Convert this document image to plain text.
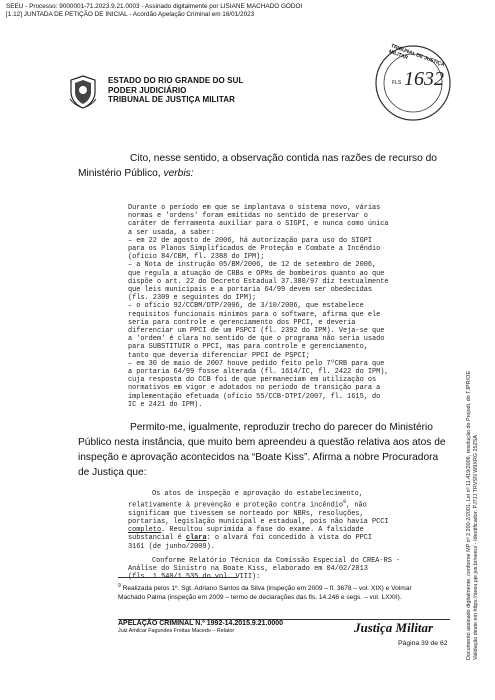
SEEU - Processo: 9000001-71.2023.9.21.0003 - Assinado digitalmente por LISIANE MACHADO GODOI
[1.12] JUNTADA DE PETIÇÃO DE INICIAL - Acórdão Apelação Criminal em 16/01/2023
Documento assinado digitalmente, conforme MP nº 2.200-2/2001, Lei nº 11.419/2006, resolução do Projudi, do TJPR/OE Validação deste em https://seeu.pje.jus.br/seeu/ - Identificador: PJ7JJ TRVSN W9XRG 25ZSA
ESTADO DO RIO GRANDE DO SUL
PODER JUDICIÁRIO
TRIBUNAL DE JUSTIÇA MILITAR
TRIBUNAL DE JUSTIÇA MILITAR
FLS 1632
Cito, nesse sentido, a observação contida nas razões de recurso do
Ministério Público, verbis:
Durante o período em que se implantava o sistema novo, várias
normas e 'ordens' foram emitidas no sentido de preservar o
caráter de ferramenta auxiliar para o SIGPI, e nunca como única
a ser usada, a saber:
– em 22 de agosto de 2006, há autorização para uso do SIGPI
para os Planos Simplificados de Proteção e Combate a Incêndio
(ofício 84/CBM, fl. 2388 do IPM);
– a Nota de instrução 05/BM/2006, de 12 de setembro de 2006,
que regula a atuação de CRBs e OPMs de bombeiros quanto ao que
dispõe o art. 22 do Decreto Estadual 37.380/97 diz textualmente
que leis municipais e a portaria 64/99 devem ser obedecidas
(fls. 2309 e seguintes do IPM);
– o ofício 92/CCBM/DTP/2006, de 3/10/2006, que estabelece
requisitos funcionais mínimos para o software, afirma que ele
seria para controle e gerenciamento dos PPCI, e deveria
diferenciar um PPCI de um PSPCI (fl. 2392 do IPM). Veja-se que
a 'ordem' é clara no sentido de que o programa não seria usado
para SUBSTITUIR o PPCI, mas para controle e gerenciamento,
tanto que deveria diferenciar PPCI de PSPCI;
– em 30 de maio de 2007 houve pedido feito pelo 7ºCRB para que
a portaria 64/99 fosse alterada (fl. 1614/IC, fl. 2422 do IPM),
cuja resposta do CCB foi de que permaneciam em utilização os
normativos em vigor e adotados no período de transição para a
implementação efetuada (ofício 55/CCB-DTPI/2007, fl. 1615, do
IC e 2421 do IPM).
Permito-me, igualmente, reproduzir trecho do parecer do Ministério
Público nesta instância, que muito bem apreendeu a questão relativa aos atos de
inspeção e aprovação acontecidos na “Boate Kiss”. Afirma a nobre Procuradora
de Justiça que:
Os atos de inspeção e aprovação do estabelecimento,
relativamente à prevenção e proteção contra incêndio$^9$, não
significam que tivessem se norteado por NBRs, resoluções,
portarias, legislação municipal e estadual, pois não havia PCCI
completo. Resultou suprimida a fase do exame. A falsidade
substancial é clara: o alvará foi concedido à vista do PPCI
3161 (de junho/2009).
Conforme Relatório Técnico da Comissão Especial do CREA-RS -
Análise do Sinistro na Boate Kiss, elaborado em 04/02/2013
(fls. 1.540/1.535 do vol. VIII):
$^9$ Realizada pelos 1º. Sgt. Adriano Santos da Silva (inspeção em 2009 – fl. 3678 – vol. XIX) e Volmar
Machado Palma (inspeção em 2009 – termo de declarações das fls. 14.246 e segs. – vol. LXXII).
APELAÇÃO CRIMINAL N.º 1992-14.2015.9.21.0000
Juiz Amilcar Fagundes Freitas Macedo – Relator	Justiça Militar
Página 39 de 62
